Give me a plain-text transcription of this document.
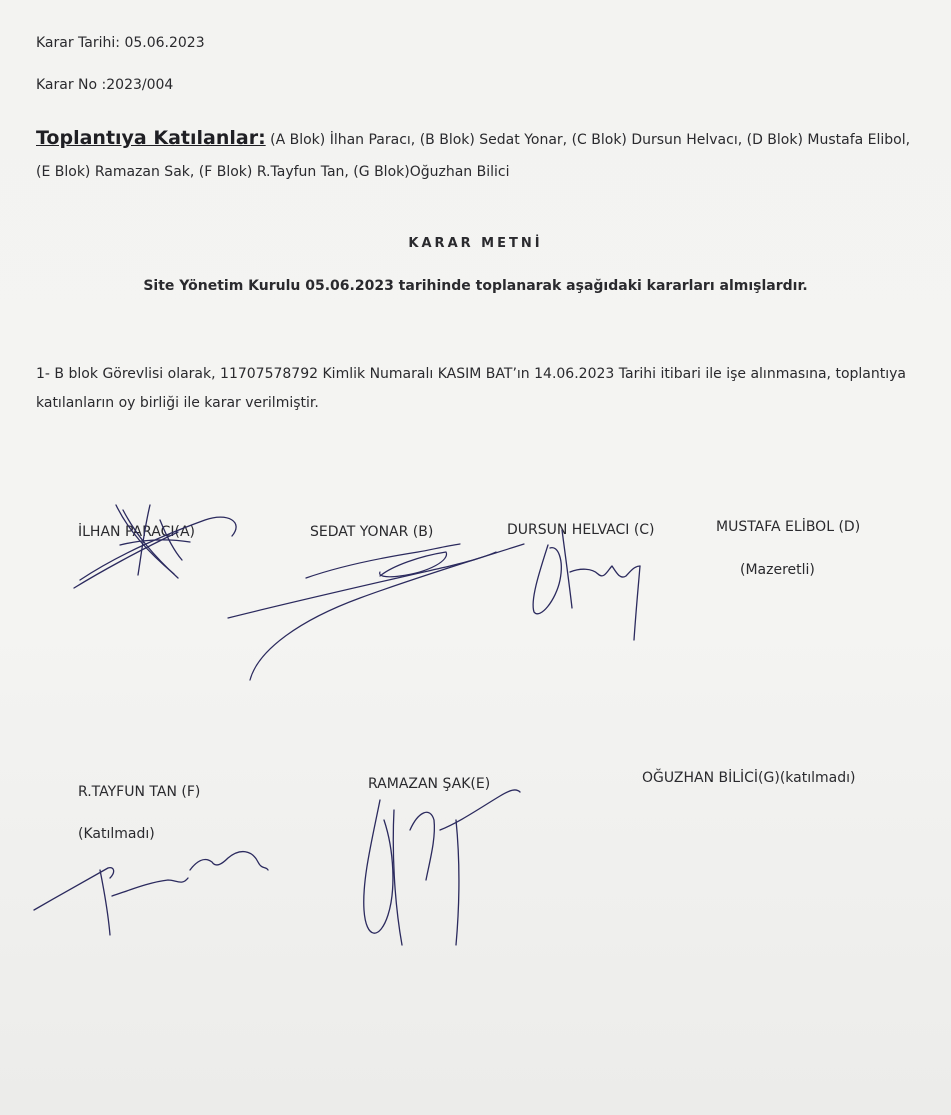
Karar Tarihi: 05.06.2023
Karar No :2023/004
Toplantıya Katılanlar: (A Blok) İlhan Paracı, (B Blok) Sedat Yonar, (C Blok) Dursun Helvacı, (D Blok) Mustafa Elibol, (E Blok) Ramazan Sak, (F Blok) R.Tayfun Tan, (G Blok)Oğuzhan Bilici
KARAR METNİ
Site Yönetim Kurulu 05.06.2023 tarihinde toplanarak aşağıdaki kararları almışlardır.
1- B blok Görevlisi olarak, 11707578792 Kimlik Numaralı KASIM BAT’ın 14.06.2023 Tarihi itibari ile işe alınmasına, toplantıya katılanların oy birliği ile karar verilmiştir.
İLHAN PARACI(A)	SEDAT YONAR (B)	DURSUN HELVACI (C)	MUSTAFA ELİBOL (D)
(Mazeretli)
R.TAYFUN TAN (F)
(Katılmadı)
RAMAZAN ŞAK(E)	OĞUZHAN BİLİCİ(G)(katılmadı)
